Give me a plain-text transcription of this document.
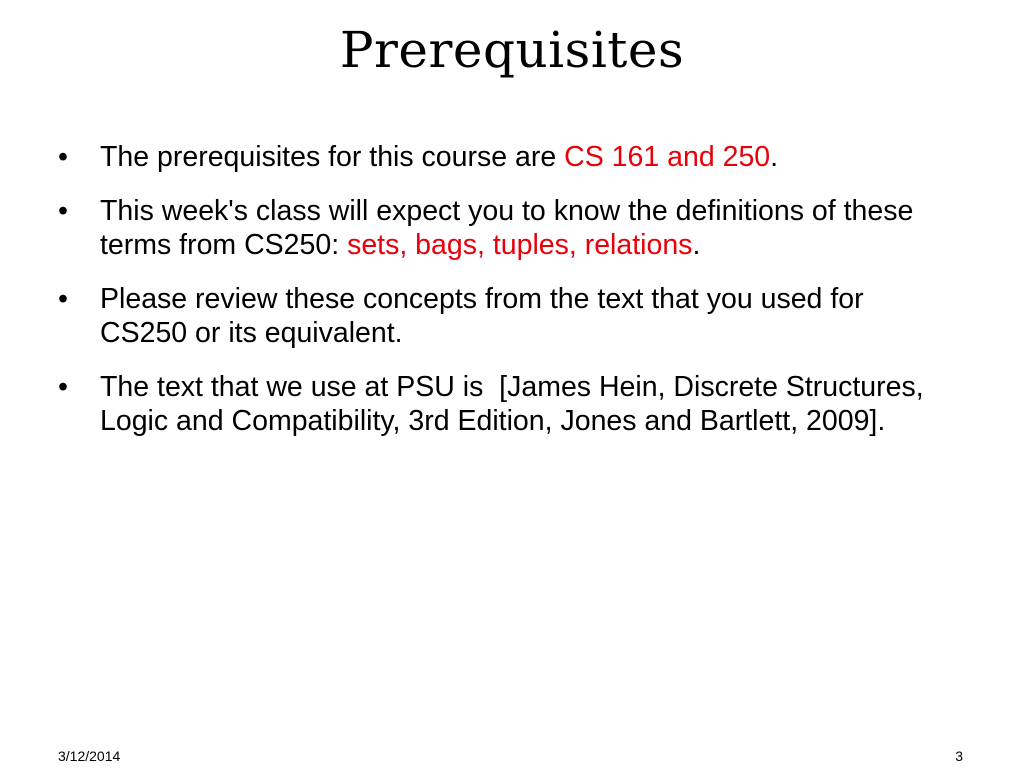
Prerequisites
•	The prerequisites for this course are CS 161 and 250.
•	This week's class will expect you to know the definitions of these terms from CS250: sets, bags, tuples, relations.
•	Please review these concepts from the text that you used for CS250 or its equivalent.
•	The text that we use at PSU is  [James Hein, Discrete Structures, Logic and Compatibility, 3rd Edition, Jones and Bartlett, 2009].
3/12/2014	3
